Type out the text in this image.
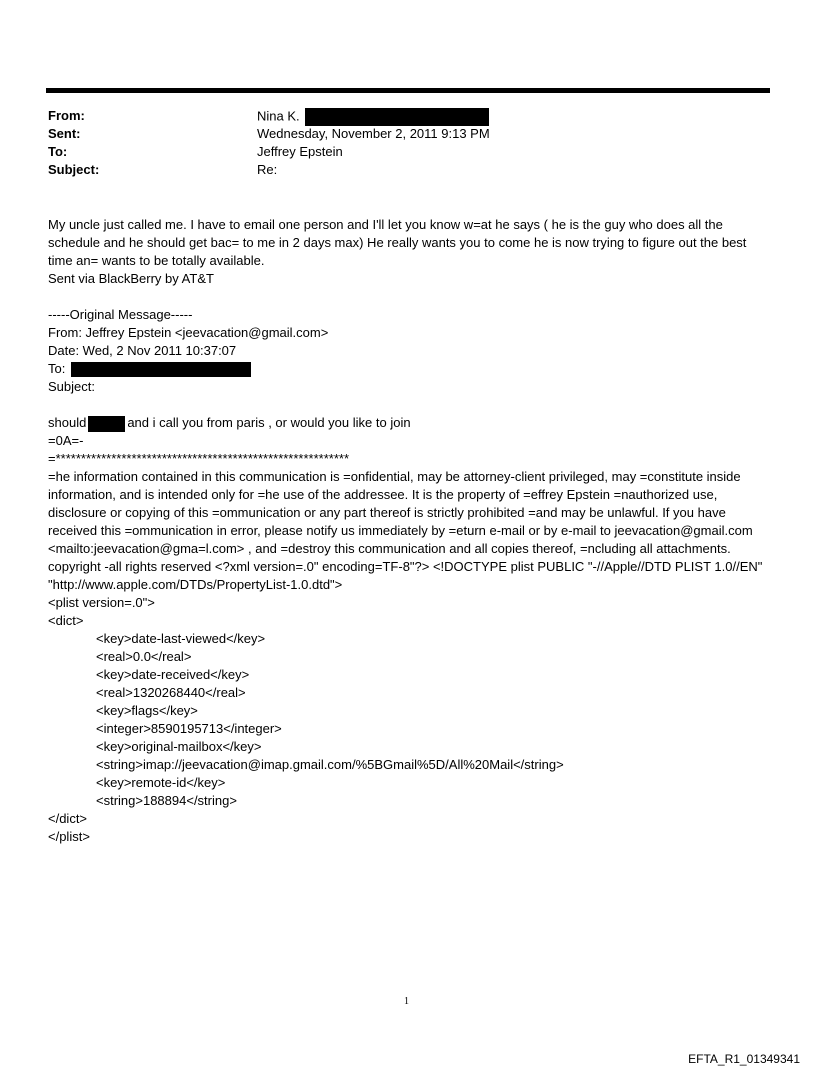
From:	Nina K.
Sent:	Wednesday, November 2, 2011 9:13 PM
To:	Jeffrey Epstein
Subject:	Re:
My uncle just called me. I have to email one person and I'll let you know w=at he says ( he is the guy who does all the schedule and he should get bac= to me in 2 days max) He really wants you to come he is now trying to figure out the best time an= wants to be totally available.
Sent via BlackBerry by AT&T
-----Original Message-----
From: Jeffrey Epstein <jeevacation@gmail.com>
Date: Wed, 2 Nov 2011 10:37:07
To:
Subject:
should	and i call you from paris , or would you like to join
=0A=-
=**********************************************************
=he information contained in this communication is =onfidential, may be attorney-client privileged, may =constitute inside information, and is intended only for =he use of the addressee. It is the property of =effrey Epstein =nauthorized use, disclosure or copying of this =ommunication or any part thereof is strictly prohibited =and may be unlawful. If you have received this =ommunication in error, please notify us immediately by =eturn e-mail or by e-mail to jeevacation@gmail.com <mailto:jeevacation@gma=l.com> , and =destroy this communication and all copies thereof, =ncluding all attachments. copyright -all rights reserved <?xml version=.0" encoding=TF-8"?> <!DOCTYPE plist PUBLIC "-//Apple//DTD PLIST 1.0//EN" "http://www.apple.com/DTDs/PropertyList-1.0.dtd">
<plist version=.0">
<dict>
<key>date-last-viewed</key>
<real>0.0</real>
<key>date-received</key>
<real>1320268440</real>
<key>flags</key>
<integer>8590195713</integer>
<key>original-mailbox</key>
<string>imap://jeevacation@imap.gmail.com/%5BGmail%5D/All%20Mail</string>
<key>remote-id</key>
<string>188894</string>
</dict>
</plist>
1
EFTA_R1_01349341
